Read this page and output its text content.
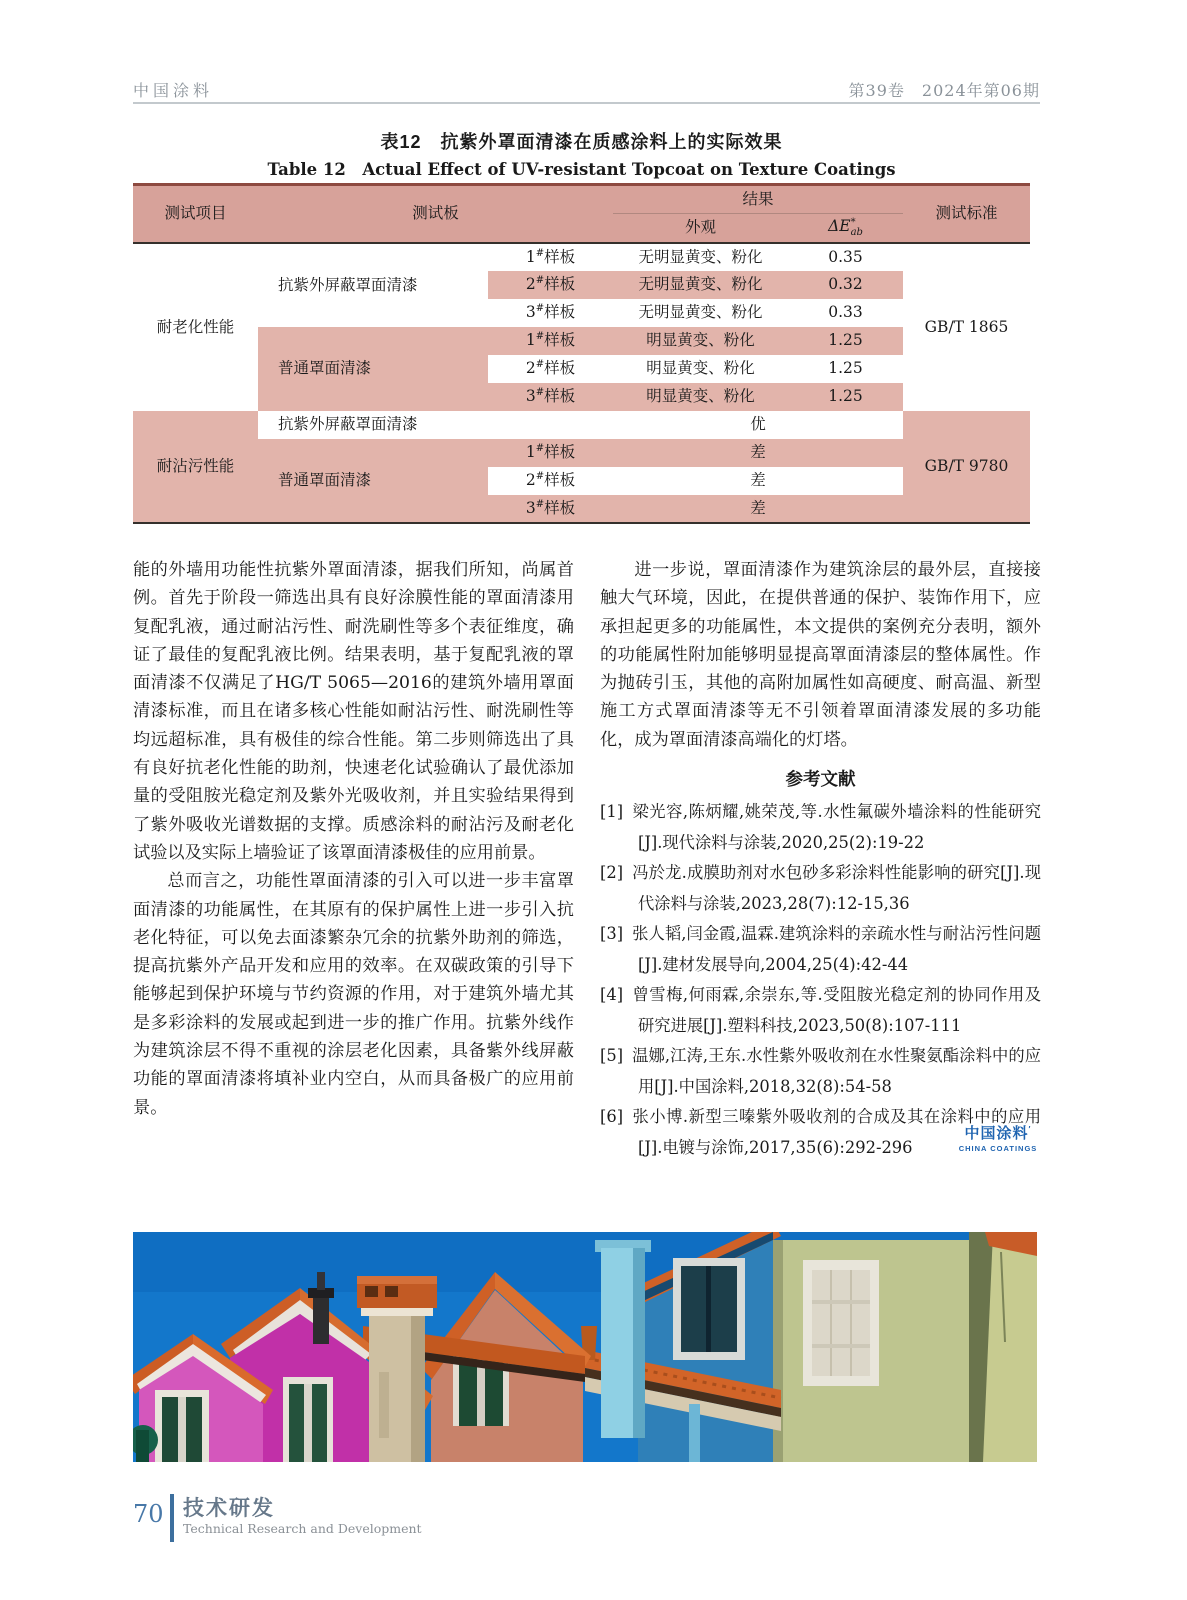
中国涂料	第39卷　2024年第06期
表12　抗紫外罩面清漆在质感涂料上的实际效果
Table 12　Actual Effect of UV-resistant Topcoat on Texture Coatings
测试项目	测试板		结果		测试标准
			外观	$\Delta E^*_{ab}$
耐老化性能	抗紫外屏蔽罩面清漆	1#样板	无明显黄变、粉化	0.35	GB/T 1865
		2#样板	无明显黄变、粉化	0.32	
		3#样板	无明显黄变、粉化	0.33	
	普通罩面清漆	1#样板	明显黄变、粉化	1.25	
		2#样板	明显黄变、粉化	1.25	
		3#样板	明显黄变、粉化	1.25	
耐沾污性能	抗紫外屏蔽罩面清漆		优		GB/T 9780
	普通罩面清漆	1#样板	差		
		2#样板	差		
		3#样板	差		

能的外墙用功能性抗紫外罩面清漆，据我们所知，尚属首例。首先于阶段一筛选出具有良好涂膜性能的罩面清漆用复配乳液，通过耐沾污性、耐洗刷性等多个表征维度，确证了最佳的复配乳液比例。结果表明，基于复配乳液的罩面清漆不仅满足了HG/T 5065—2016的建筑外墙用罩面清漆标准，而且在诸多核心性能如耐沾污性、耐洗刷性等均远超标准，具有极佳的综合性能。第二步则筛选出了具有良好抗老化性能的助剂，快速老化试验确认了最优添加量的受阻胺光稳定剂及紫外光吸收剂，并且实验结果得到了紫外吸收光谱数据的支撑。质感涂料的耐沾污及耐老化试验以及实际上墙验证了该罩面清漆极佳的应用前景。

总而言之，功能性罩面清漆的引入可以进一步丰富罩面清漆的功能属性，在其原有的保护属性上进一步引入抗老化特征，可以免去面漆繁杂冗余的抗紫外助剂的筛选，提高抗紫外产品开发和应用的效率。在双碳政策的引导下能够起到保护环境与节约资源的作用，对于建筑外墙尤其是多彩涂料的发展或起到进一步的推广作用。抗紫外线作为建筑涂层不得不重视的涂层老化因素，具备紫外线屏蔽功能的罩面清漆将填补业内空白，从而具备极广的应用前景。

进一步说，罩面清漆作为建筑涂层的最外层，直接接触大气环境，因此，在提供普通的保护、装饰作用下，应承担起更多的功能属性，本文提供的案例充分表明，额外的功能属性附加能够明显提高罩面清漆层的整体属性。作为抛砖引玉，其他的高附加属性如高硬度、耐高温、新型施工方式罩面清漆等无不引领着罩面清漆发展的多功能化，成为罩面清漆高端化的灯塔。

参考文献
[1] 梁光容,陈炳耀,姚荣茂,等.水性氟碳外墙涂料的性能研究[J].现代涂料与涂装,2020,25(2):19-22
[2] 冯於龙.成膜助剂对水包砂多彩涂料性能影响的研究[J].现代涂料与涂装,2023,28(7):12-15,36
[3] 张人韬,闫金霞,温霖.建筑涂料的亲疏水性与耐沾污性问题[J].建材发展导向,2004,25(4):42-44
[4] 曾雪梅,何雨霖,余崇东,等.受阻胺光稳定剂的协同作用及研究进展[J].塑料科技,2023,50(8):107-111
[5] 温娜,江涛,王东.水性紫外吸收剂在水性聚氨酯涂料中的应用[J].中国涂料,2018,32(8):54-58
[6] 张小博.新型三嗪紫外吸收剂的合成及其在涂料中的应用[J].电镀与涂饰,2017,35(6):292-296
中国涂料′
CHINA COATINGS
70 技术研发
Technical Research and Development
